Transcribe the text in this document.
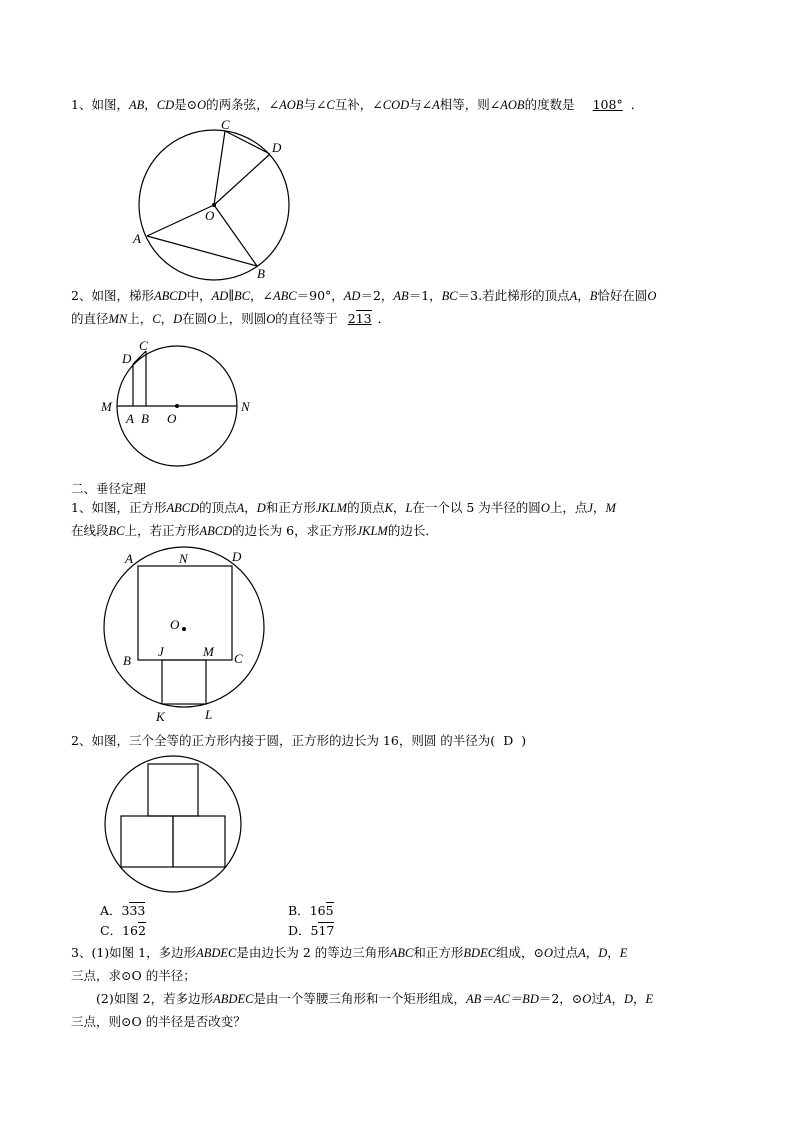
1、如图，AB，CD是⊙O的两条弦，∠AOB与∠C互补，∠COD与∠A相等，则∠AOB的度数是 108° ．
C
D
O
A
B
2、如图，梯形ABCD中，AD∥BC，∠ABC＝90°，AD＝2，AB＝1，BC＝3.若此梯形的顶点A，B恰好在圆O
的直径MN上，C，D在圆O上，则圆O的直径等于 213 ．
D
C
M
A B O
N
二、垂径定理
1、如图，正方形ABCD的顶点A，D和正方形JKLM的顶点K，L在一个以 5 为半径的圆O上，点J，M
在线段BC上，若正方形ABCD的边长为 6，求正方形JKLM的边长．
A	N	D
O
B
J	M C
K	L
2、如图，三个全等的正方形内接于圆，正方形的边长为 16，则圆 的半径为( D )
A．333	B．165
C．162	D．517
3、(1)如图 1，多边形ABDEC是由边长为 2 的等边三角形ABC和正方形BDEC组成，⊙O过点A，D，E
三点，求⊙O 的半径；
(2)如图 2，若多边形ABDEC是由一个等腰三角形和一个矩形组成，AB＝AC＝BD＝2，⊙O过A，D，E
三点，则⊙O 的半径是否改变？
